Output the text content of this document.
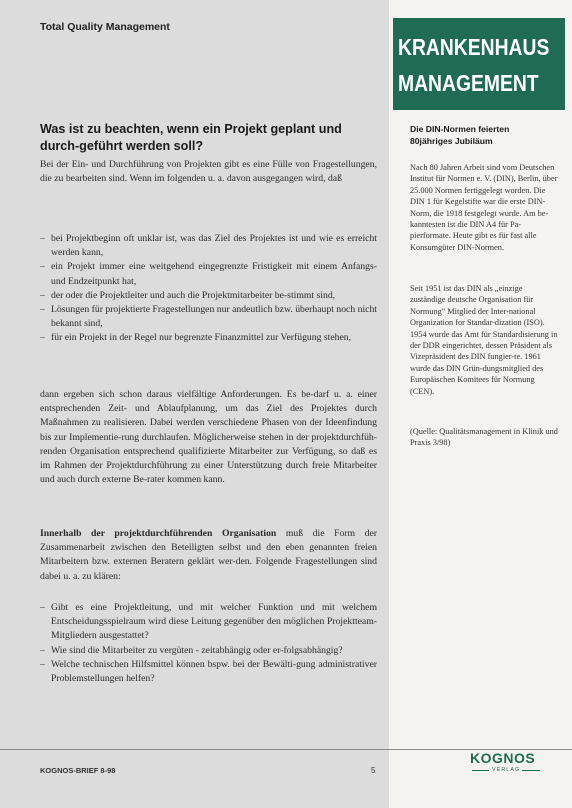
Total Quality Management
KRANKENHAUS
MANAGEMENT
Was ist zu beachten, wenn ein Projekt geplant und durch-geführt werden soll?
Bei der Ein- und Durchführung von Projekten gibt es eine Fülle von Fragestellungen, die zu bearbeiten sind. Wenn im folgenden u. a. davon ausgegangen wird, daß
– bei Projektbeginn oft unklar ist, was das Ziel des Projektes ist und wie es erreicht werden kann,
– ein Projekt immer eine weitgehend eingegrenzte Fristigkeit mit einem Anfangs- und Endzeitpunkt hat,
– der oder die Projektleiter und auch die Projektmitarbeiter be-stimmt sind,
– Lösungen für projektierte Fragestellungen nur andeutlich bzw. überhaupt noch nicht bekannt sind,
– für ein Projekt in der Regel nur begrenzte Finanzmittel zur Verfügung stehen,
dann ergeben sich schon daraus vielfältige Anforderungen. Es be-darf u. a. einer entsprechenden Zeit- und Ablaufplanung, um das Ziel des Projektes durch Maßnahmen zu realisieren. Dabei werden verschiedene Phasen von der Ideenfindung bis zur Implementie-rung durchlaufen. Möglicherweise stehen in der projektdurchfüh-renden Organisation entsprechend qualifizierte Mitarbeiter zur Verfügung, so daß es im Rahmen der Projektdurchführung zu einer Unterstützung durch freie Mitarbeiter und auch durch externe Be-rater kommen kann.
Innerhalb der projektdurchführenden Organisation muß die Form der Zusammenarbeit zwischen den Beteiligten selbst und den eben genannten freien Mitarbeitern bzw. externen Beratern geklärt wer-den. Folgende Fragestellungen sind dabei u. a. zu klären:
– Gibt es eine Projektleitung, und mit welcher Funktion und mit welchem Entscheidungsspielraum wird diese Leitung gegenüber den möglichen Projektteam-Mitgliedern ausgestattet?
– Wie sind die Mitarbeiter zu vergüten - zeitabhängig oder er-folgsabhängig?
– Welche technischen Hilfsmittel können bspw. bei der Bewälti-gung administrativer Problemstellungen helfen?
Die DIN-Normen feierten
80jähriges Jubiläum
Nach 80 Jahren Arbeit sind vom Deutschen Institut für Normen e. V. (DIN), Berlin, über 25.000 Normen fertiggelegt worden. Die DIN 1 für Kegelstifte war die erste DIN-Norm, die 1918 festgelegt wurde. Am be-kanntesten ist die DIN A4 für Pa-pierformate. Heute gibt es für fast alle Konsumgüter DIN-Normen.
Seit 1951 ist das DIN als „einzige zuständige deutsche Organisation für Normung" Mitglied der Inter-national Organization for Standar-dization (ISO). 1954 wurde das Amt für Standardisierung in der DDR eingerichtet, dessen Präsident als Vizepräsident des DIN fungier-te. 1961 wurde das DIN Grün-dungsmitglied des Europäischen Komitees für Normung (CEN).
(Quelle: Qualitätsmanagement in Klinik und Praxis 3/98)
KOGNOS-BRIEF 8-98	5
KOGNOS
VERLAG
